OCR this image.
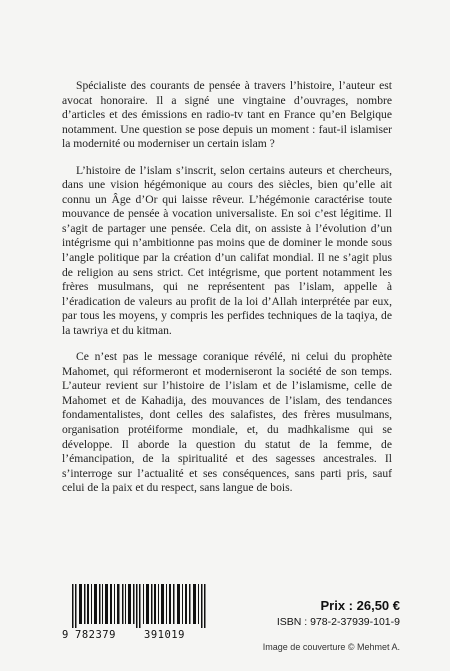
Spécialiste des courants de pensée à travers l’histoire, l’auteur est avocat honoraire. Il a signé une vingtaine d’ouvrages, nombre d’articles et des émissions en radio-tv tant en France qu’en Belgique notamment. Une question se pose depuis un moment : faut-il islamiser la modernité ou moderniser un certain islam ?

L’histoire de l’islam s’inscrit, selon certains auteurs et chercheurs, dans une vision hégémonique au cours des siècles, bien qu’elle ait connu un Âge d’Or qui laisse rêveur. L’hégémonie caractérise toute mouvance de pensée à vocation universaliste. En soi c’est légitime. Il s’agit de partager une pensée. Cela dit, on assiste à l’évolution d’un intégrisme qui n’ambitionne pas moins que de dominer le monde sous l’angle politique par la création d’un califat mondial. Il ne s’agit plus de religion au sens strict. Cet intégrisme, que portent notamment les frères musulmans, qui ne représentent pas l’islam, appelle à l’éradication de valeurs au profit de la loi d’Allah interprétée par eux, par tous les moyens, y compris les perfides techniques de la taqiya, de la tawriya et du kitman.

Ce n’est pas le message coranique révélé, ni celui du prophète Mahomet, qui réformeront et moderniseront la société de son temps. L’auteur revient sur l’histoire de l’islam et de l’islamisme, celle de Mahomet et de Kahadija, des mouvances de l’islam, des tendances fondamentalistes, dont celles des salafistes, des frères musulmans, organisation protéiforme mondiale, et, du madhkalisme qui se développe. Il aborde la question du statut de la femme, de l’émancipation, de la spiritualité et des sagesses ancestrales. Il s’interroge sur l’actualité et ses conséquences, sans parti pris, sauf celui de la paix et du respect, sans langue de bois.

9 782379	391019
Prix : 26,50 €
ISBN : 978-2-37939-101-9
Image de couverture © Mehmet A.
